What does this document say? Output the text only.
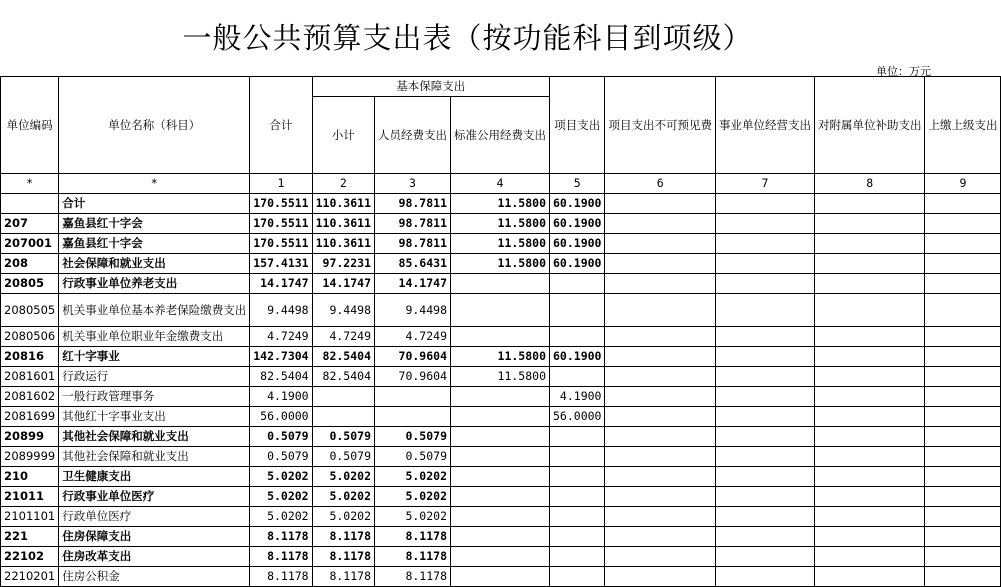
一般公共预算支出表（按功能科目到项级）
单位：万元
单位编码	单位名称（科目）	合计	基本保障支出			项目支出	项目支出不可预见费	事业单位经营支出	对附属单位补助支出	上缴上级支出
			小计	人员经费支出	标准公用经费支出					
*	*	1	2	3	4	5	6	7	8	9
	合计	170.5511	110.3611	98.7811	11.5800	60.1900				
207	嘉鱼县红十字会	170.5511	110.3611	98.7811	11.5800	60.1900				
207001	嘉鱼县红十字会	170.5511	110.3611	98.7811	11.5800	60.1900				
208	社会保障和就业支出	157.4131	97.2231	85.6431	11.5800	60.1900				
20805	行政事业单位养老支出	14.1747	14.1747	14.1747						
2080505	机关事业单位基本养老保险缴费支出	9.4498	9.4498	9.4498						
2080506	机关事业单位职业年金缴费支出	4.7249	4.7249	4.7249						
20816	红十字事业	142.7304	82.5404	70.9604	11.5800	60.1900				
2081601	行政运行	82.5404	82.5404	70.9604	11.5800					
2081602	一般行政管理事务	4.1900				4.1900				
2081699	其他红十字事业支出	56.0000				56.0000				
20899	其他社会保障和就业支出	0.5079	0.5079	0.5079						
2089999	其他社会保障和就业支出	0.5079	0.5079	0.5079						
210	卫生健康支出	5.0202	5.0202	5.0202						
21011	行政事业单位医疗	5.0202	5.0202	5.0202						
2101101	行政单位医疗	5.0202	5.0202	5.0202						
221	住房保障支出	8.1178	8.1178	8.1178						
22102	住房改革支出	8.1178	8.1178	8.1178						
2210201	住房公积金	8.1178	8.1178	8.1178						
